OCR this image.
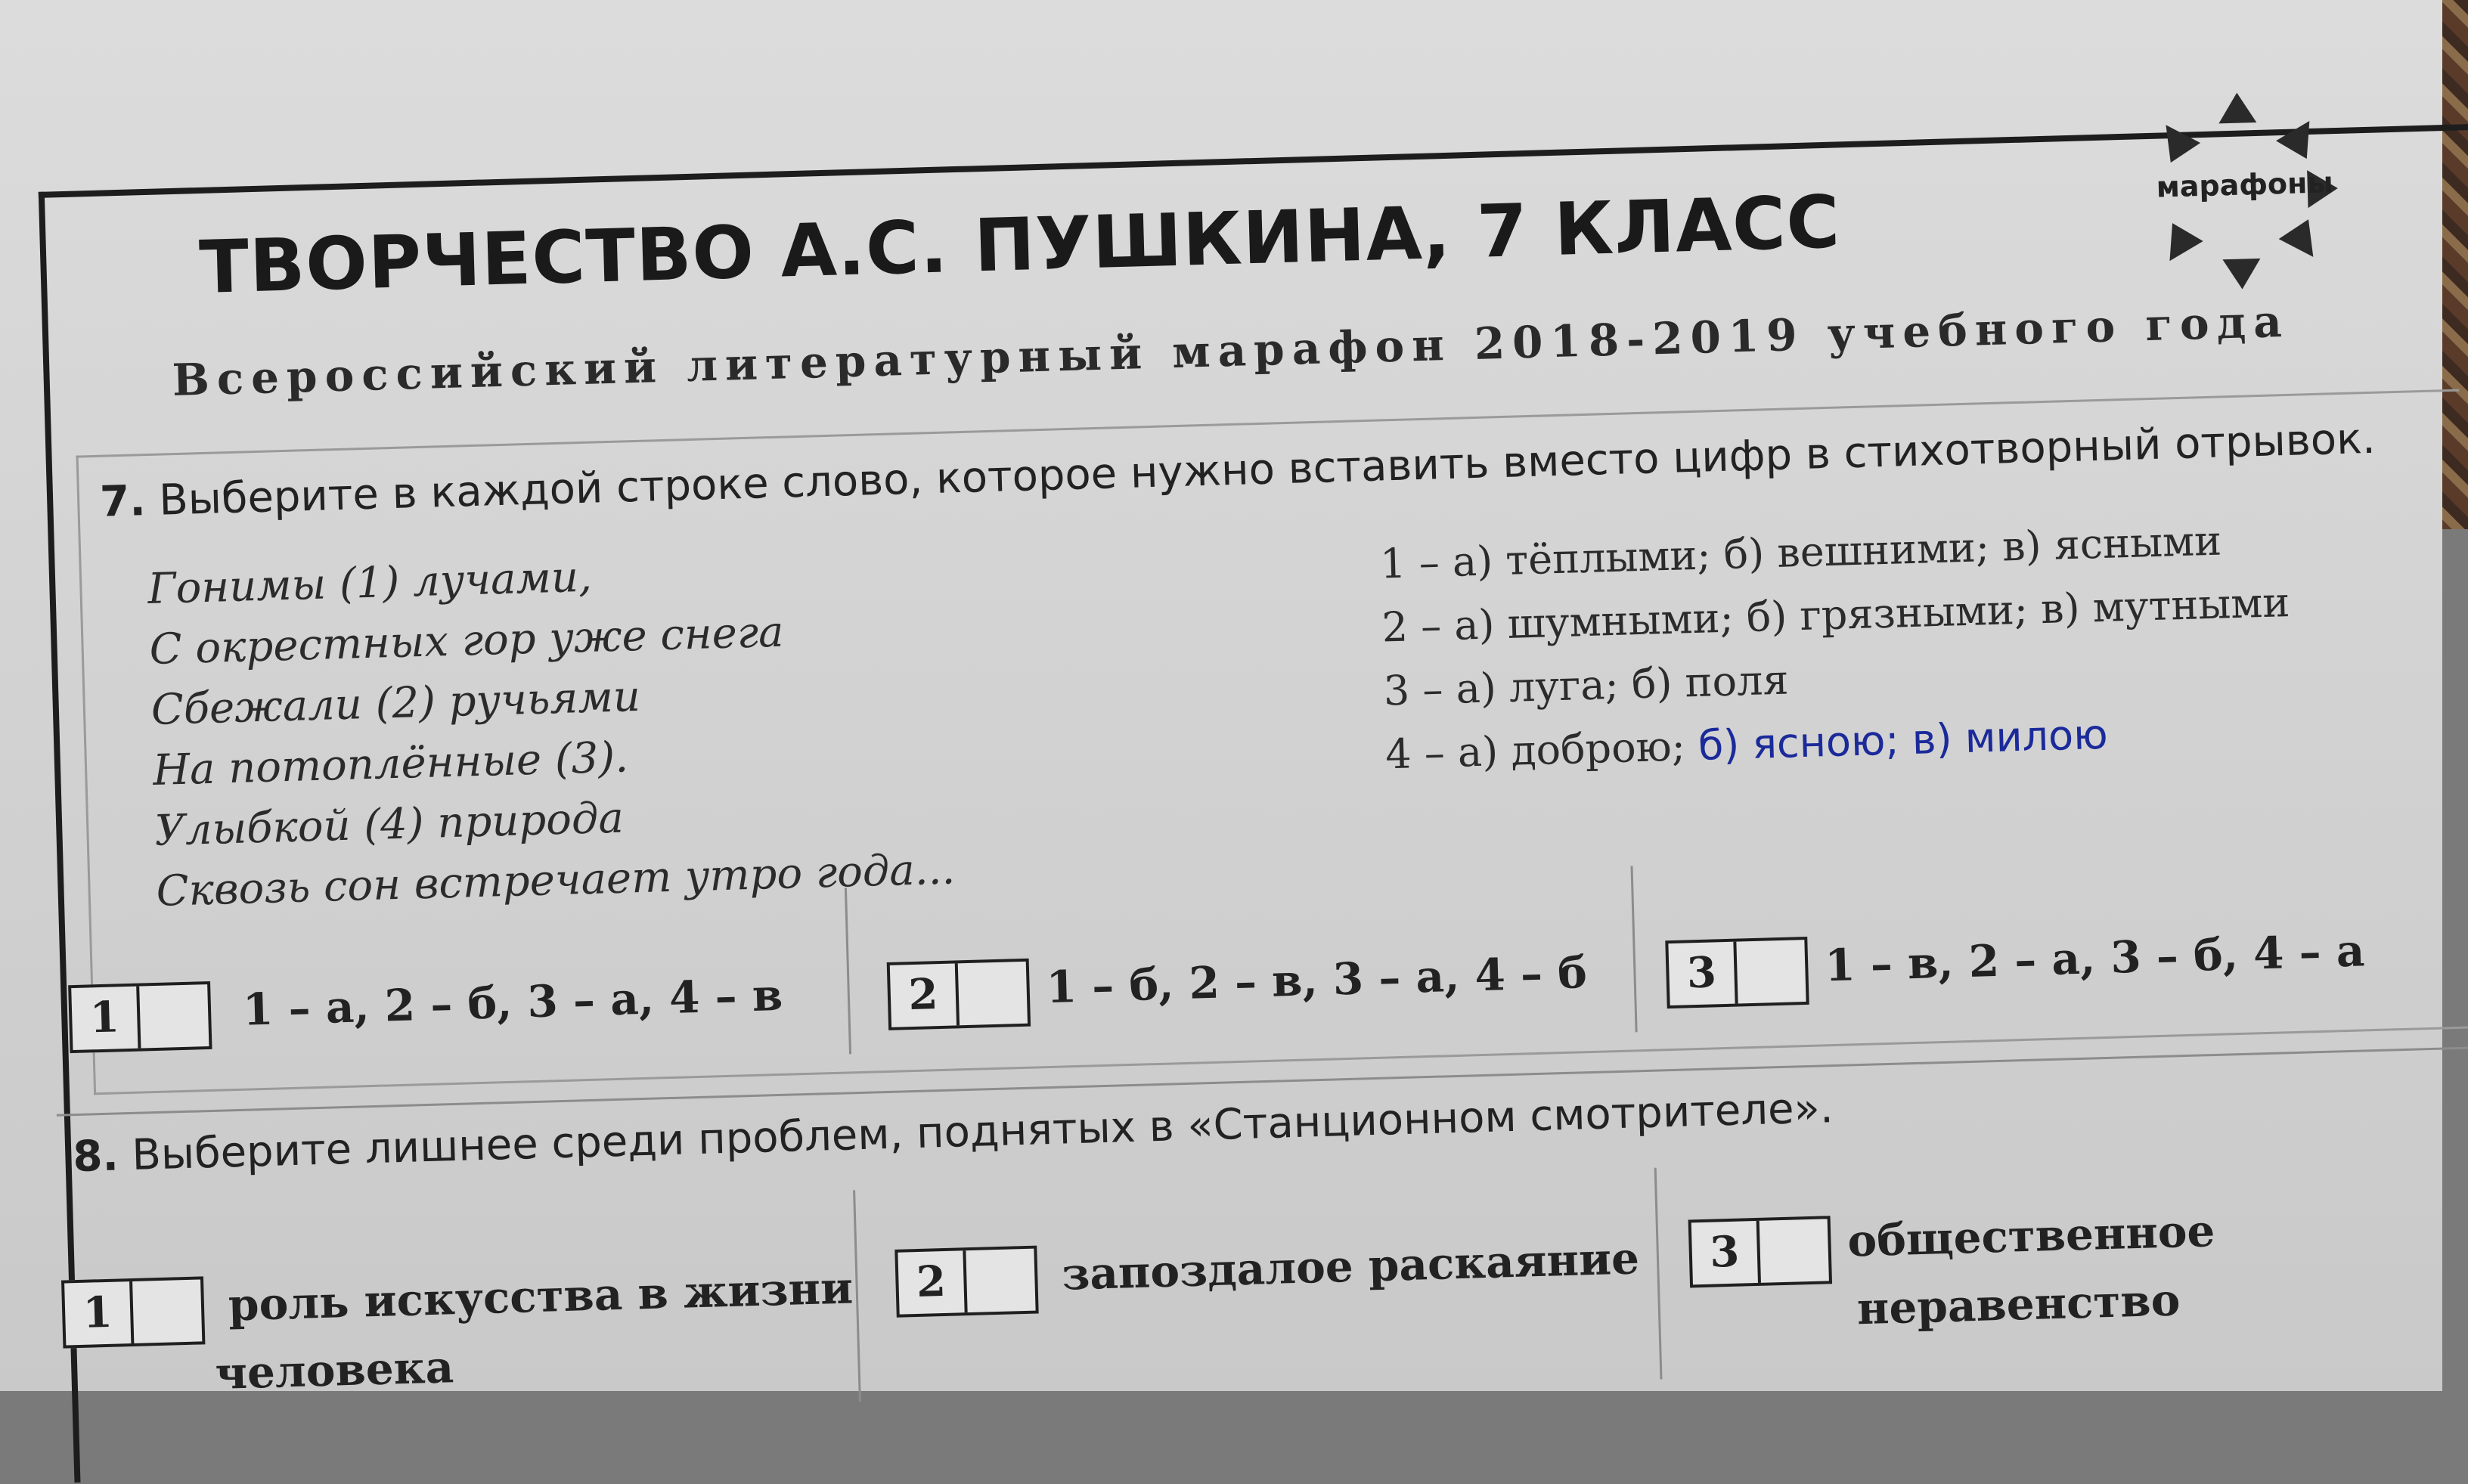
ТВОРЧЕСТВО А.С. ПУШКИНА, 7 КЛАСС
Всероссийский литературный марафон 2018-2019 учебного года
марафоны
7. Выберите в каждой строке слово, которое нужно вставить вместо цифр в стихотворный отрывок.
Гонимы (1) лучами,
С окрестных гор уже снега
Сбежали (2) ручьями
На потоплённые (3).
Улыбкой (4) природа
Сквозь сон встречает утро года...
1 – а) тёплыми; б) вешними; в) ясными
2 – а) шумными; б) грязными; в) мутными
3 – а) луга; б) поля
4 – а) доброю; б) ясною; в) милою
1	1 – а, 2 – б, 3 – а, 4 – в	2	1 – б, 2 – в, 3 – а, 4 – б	3	1 – в, 2 – а, 3 – б, 4 – а
8. Выберите лишнее среди проблем, поднятых в «Станционном смотрителе».
1	роль искусства в жизни
человека
2	запоздалое раскаяние	3	общественное
неравенство
